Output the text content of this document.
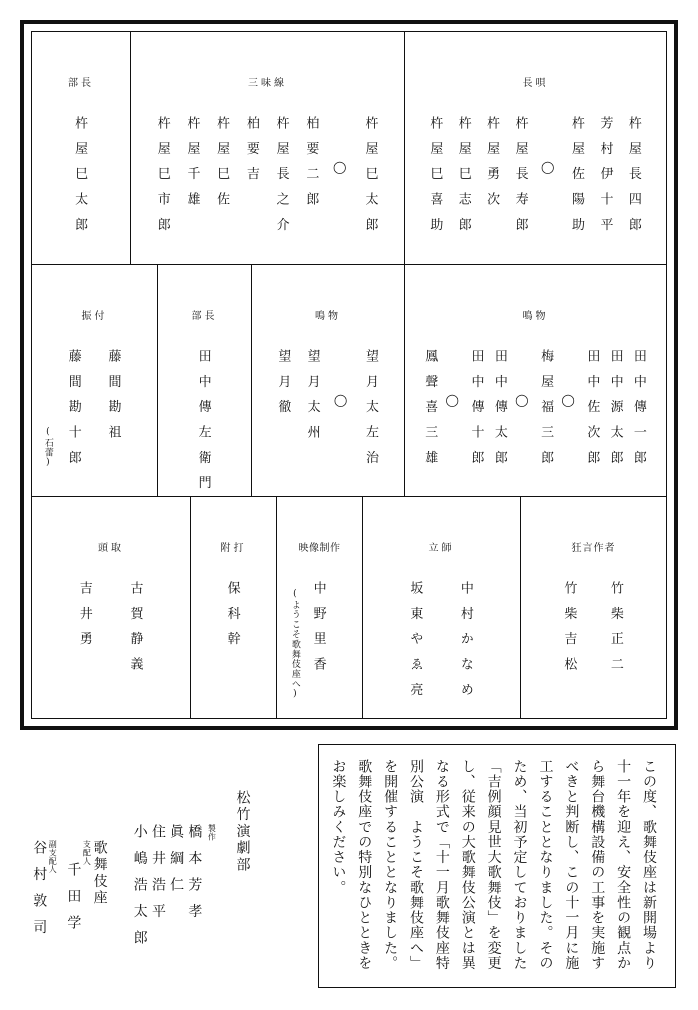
部長
杵屋巳太郎
三味線
杵屋巳太郎
◯
柏要二郎
杵屋長之介
柏要吉
杵屋巳佐
杵屋千雄
杵屋巳市郎
長唄
杵屋長四郎
芳村伊十平
杵屋佐陽助
◯
杵屋長寿郎
杵屋勇次
杵屋巳志郎
杵屋巳喜助
振付
藤間勘祖
藤間勘十郎
(石蕾)
部長
田中傳左衛門
鳴物
望月太左治
◯
望月太州
望月徹
鳴物
田中傳一郎
田中源太郎
田中佐次郎
◯
梅屋福三郎
◯
田中傳太郎
田中傳十郎
◯
鳳聲喜三雄
頭取
古賀静義
吉井勇
附打
保科幹
映像制作
中野里香
(ようこそ歌舞伎座へ)
立師
中村かなめ
坂東やゑ亮
狂言作者
竹柴正二
竹柴吉松
この度、歌舞伎座は新開場より十一年を迎え、安全性の観点から舞台機構設備の工事を実施すべきと判断し、この十一月に施工することとなりました。そのため、当初予定しておりました「吉例顔見世大歌舞伎」を変更し、従来の大歌舞伎公演とは異なる形式で「十一月歌舞伎座特別公演　ようこそ歌舞伎座へ」を開催することとなりました。歌舞伎座での特別なひとときをお楽しみください。
松竹演劇部
製作
橋本芳孝
眞綱仁
住井浩平
小嶋浩太郎
歌舞伎座
支配人
千田学
副支配人
谷村敦司
